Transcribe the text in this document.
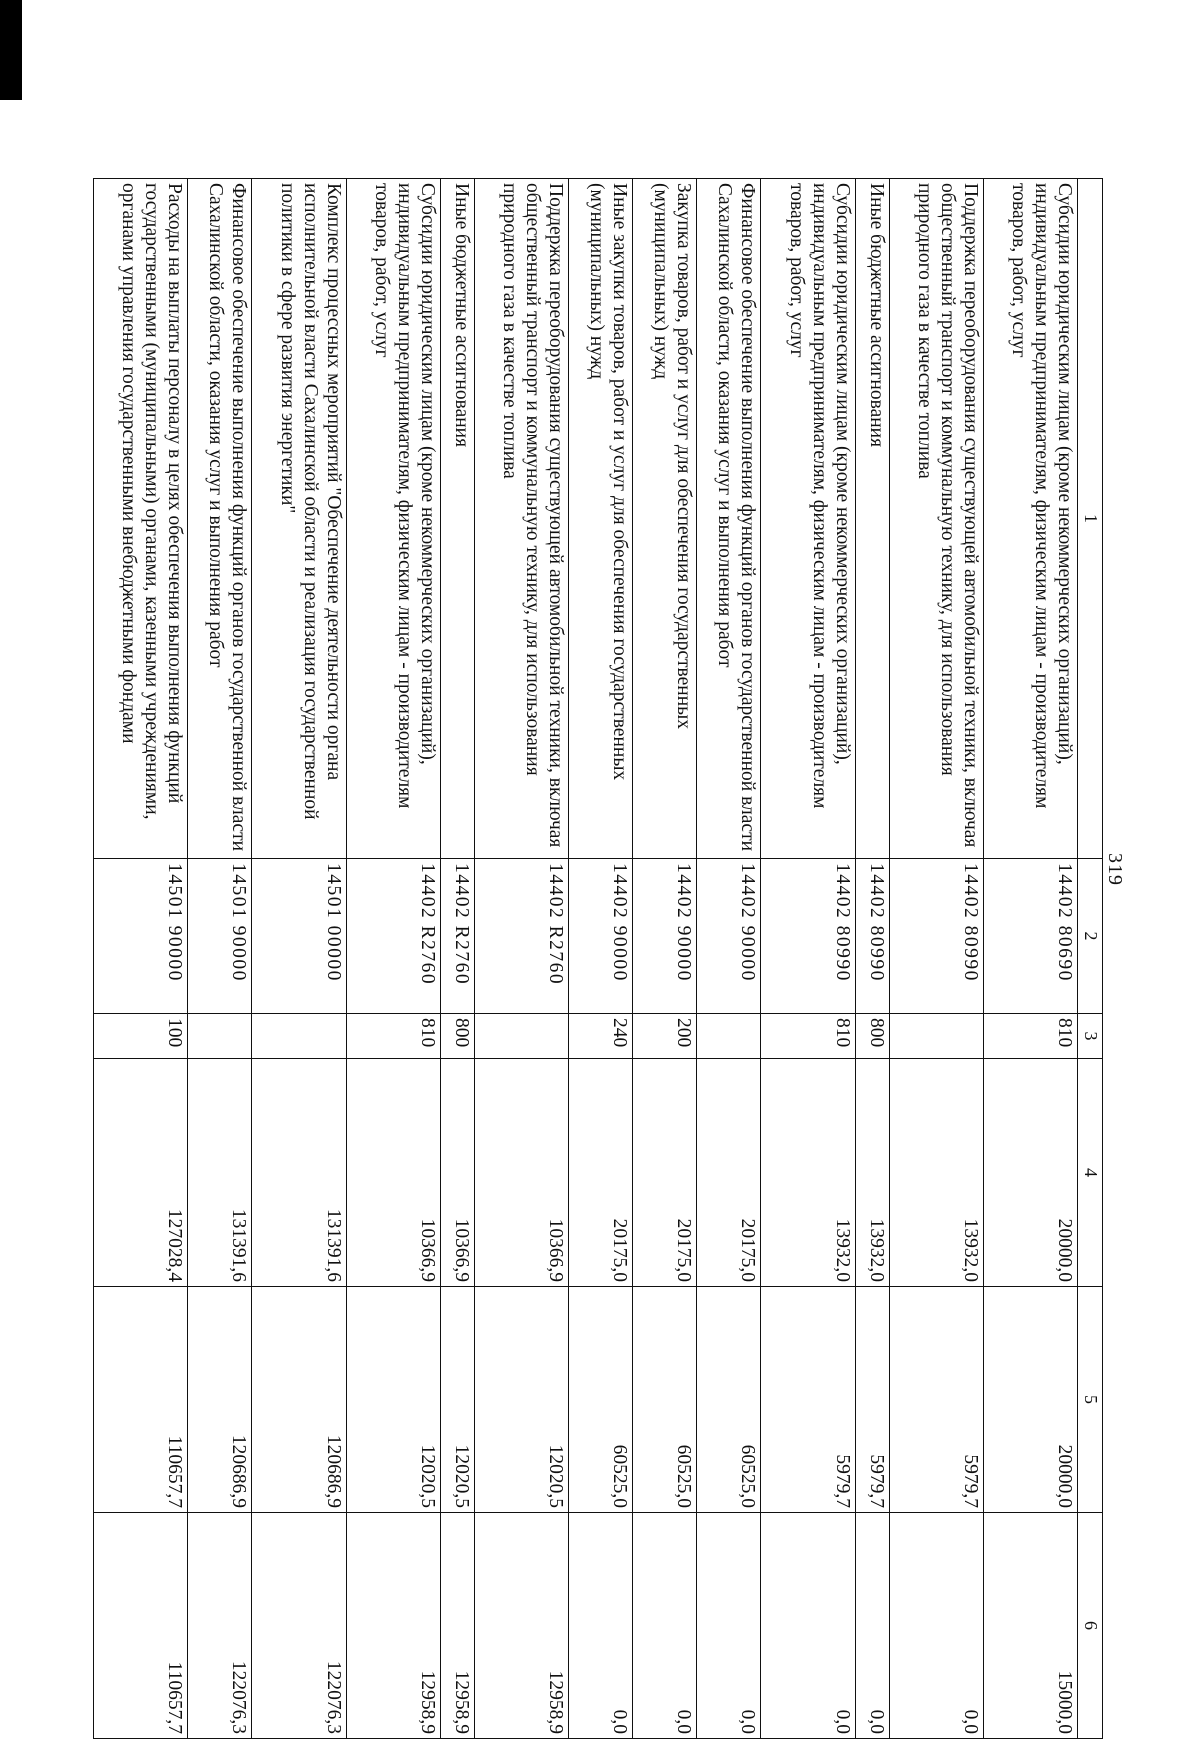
319
1	2	3	4	5	6
Субсидии юридическим лицам (кроме некоммерческих организаций), индивидуальным предпринимателям, физическим лицам - производителям товаров, работ, услуг	14402 80690	810	20000,0	20000,0	15000,0
Поддержка переоборудования существующей автомобильной техники, включая общественный транспорт и коммунальную технику, для использования природного газа в качестве топлива	14402 80990		13932,0	5979,7	0,0
Иные бюджетные ассигнования	14402 80990	800	13932,0	5979,7	0,0
Субсидии юридическим лицам (кроме некоммерческих организаций), индивидуальным предпринимателям, физическим лицам - производителям товаров, работ, услуг	14402 80990	810	13932,0	5979,7	0,0
Финансовое обеспечение выполнения функций органов государственной власти Сахалинской области, оказания услуг и выполнения работ	14402 90000		20175,0	60525,0	0,0
Закупка товаров, работ и услуг для обеспечения государственных (муниципальных) нужд	14402 90000	200	20175,0	60525,0	0,0
Иные закупки товаров, работ и услуг для обеспечения государственных (муниципальных) нужд	14402 90000	240	20175,0	60525,0	0,0
Поддержка переоборудования существующей автомобильной техники, включая общественный транспорт и коммунальную технику, для использования природного газа в качестве топлива	14402 R2760		10366,9	12020,5	12958,9
Иные бюджетные ассигнования	14402 R2760	800	10366,9	12020,5	12958,9
Субсидии юридическим лицам (кроме некоммерческих организаций), индивидуальным предпринимателям, физическим лицам - производителям товаров, работ, услуг	14402 R2760	810	10366,9	12020,5	12958,9
Комплекс процессных мероприятий "Обеспечение деятельности органа исполнительной власти Сахалинской области и реализация государственной политики в сфере развития энергетики"	14501 00000		131391,6	120686,9	122076,3
Финансовое обеспечение выполнения функций органов государственной власти Сахалинской области, оказания услуг и выполнения работ	14501 90000		131391,6	120686,9	122076,3
Расходы на выплаты персоналу в целях обеспечения выполнения функций государственными (муниципальными) органами, казенными учреждениями, органами управления государственными внебюджетными фондами	14501 90000	100	127028,4	110657,7	110657,7
